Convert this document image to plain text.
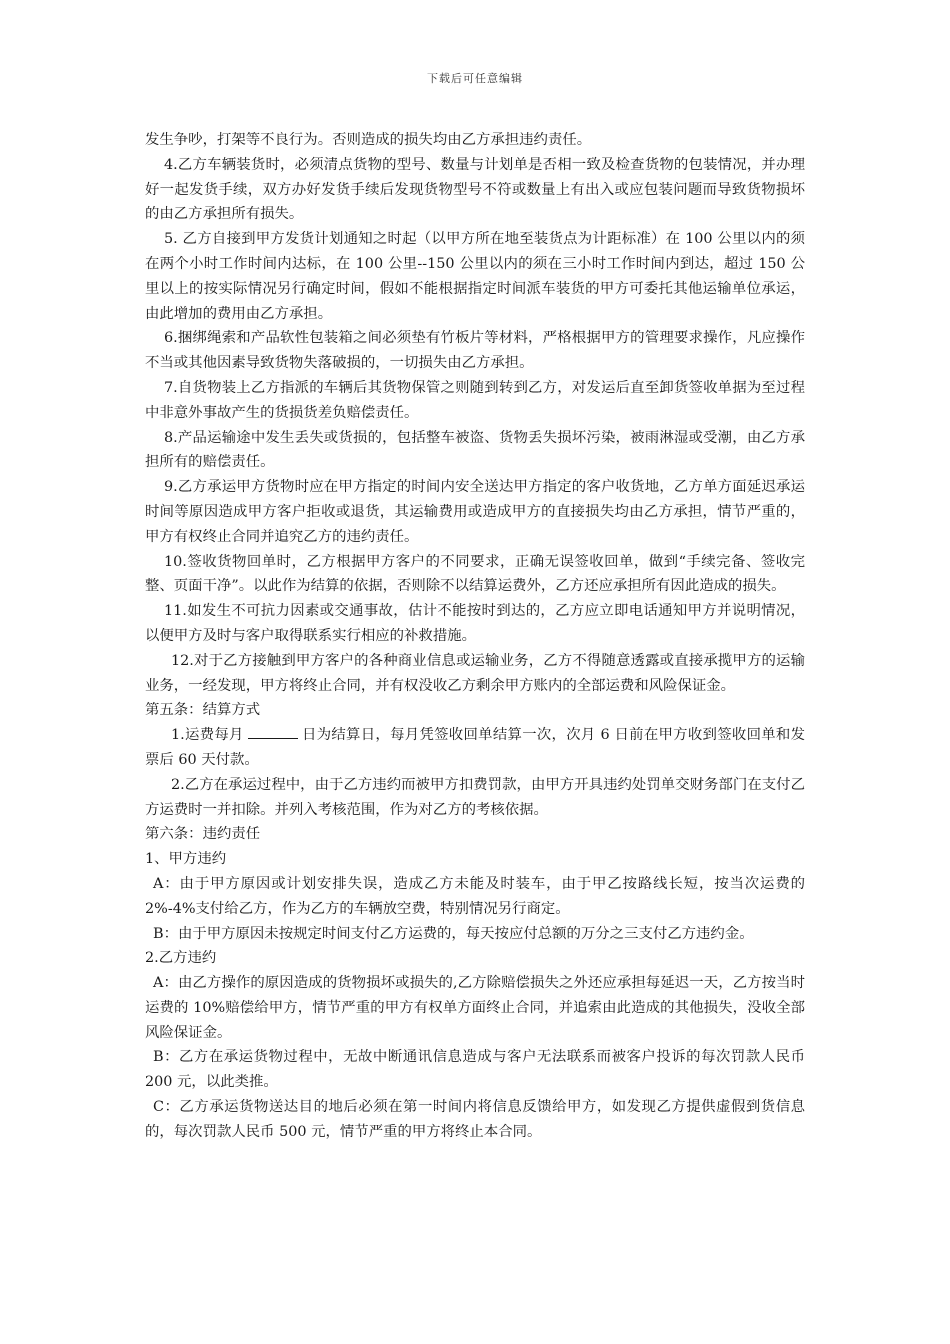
下载后可任意编辑

发生争吵，打架等不良行为。否则造成的损失均由乙方承担违约责任。

4.乙方车辆装货时，必须清点货物的型号、数量与计划单是否相一致及检查货物的包装情况，并办理好一起发货手续，双方办好发货手续后发现货物型号不符或数量上有出入或应包装问题而导致货物损坏的由乙方承担所有损失。

5. 乙方自接到甲方发货计划通知之时起（以甲方所在地至装货点为计距标准）在 100 公里以内的须在两个小时工作时间内达标，在 100 公里--150 公里以内的须在三小时工作时间内到达，超过 150 公里以上的按实际情况另行确定时间，假如不能根据指定时间派车装货的甲方可委托其他运输单位承运，由此增加的费用由乙方承担。

6.捆绑绳索和产品软性包装箱之间必须垫有竹板片等材料，严格根据甲方的管理要求操作，凡应操作不当或其他因素导致货物失落破损的，一切损失由乙方承担。

7.自货物装上乙方指派的车辆后其货物保管之则随到转到乙方，对发运后直至卸货签收单据为至过程中非意外事故产生的货损货差负赔偿责任。

8.产品运输途中发生丢失或货损的，包括整车被盗、货物丢失损坏污染，被雨淋湿或受潮，由乙方承担所有的赔偿责任。

9.乙方承运甲方货物时应在甲方指定的时间内安全送达甲方指定的客户收货地，乙方单方面延迟承运时间等原因造成甲方客户拒收或退货，其运输费用或造成甲方的直接损失均由乙方承担，情节严重的，甲方有权终止合同并追究乙方的违约责任。

10.签收货物回单时，乙方根据甲方客户的不同要求，正确无误签收回单，做到“手续完备、签收完整、页面干净”。以此作为结算的依据，否则除不以结算运费外，乙方还应承担所有因此造成的损失。

11.如发生不可抗力因素或交通事故，估计不能按时到达的，乙方应立即电话通知甲方并说明情况，以便甲方及时与客户取得联系实行相应的补救措施。

12.对于乙方接触到甲方客户的各种商业信息或运输业务，乙方不得随意透露或直接承揽甲方的运输业务，一经发现，甲方将终止合同，并有权没收乙方剩余甲方账内的全部运费和风险保证金。

第五条：结算方式

1.运费每月	日为结算日，每月凭签收回单结算一次，次月 6 日前在甲方收到签收回单和发票后 60 天付款。

2.乙方在承运过程中，由于乙方违约而被甲方扣费罚款，由甲方开具违约处罚单交财务部门在支付乙方运费时一并扣除。并列入考核范围，作为对乙方的考核依据。

第六条：违约责任

1、甲方违约

A：由于甲方原因或计划安排失误，造成乙方未能及时装车，由于甲乙按路线长短，按当次运费的 2%-4%支付给乙方，作为乙方的车辆放空费，特别情况另行商定。

B：由于甲方原因未按规定时间支付乙方运费的，每天按应付总额的万分之三支付乙方违约金。

2.乙方违约

A：由乙方操作的原因造成的货物损坏或损失的,乙方除赔偿损失之外还应承担每延迟一天，乙方按当时运费的 10%赔偿给甲方，情节严重的甲方有权单方面终止合同，并追索由此造成的其他损失，没收全部风险保证金。

B：乙方在承运货物过程中，无故中断通讯信息造成与客户无法联系而被客户投诉的每次罚款人民币 200 元，以此类推。

C：乙方承运货物送达目的地后必须在第一时间内将信息反馈给甲方，如发现乙方提供虚假到货信息的，每次罚款人民币 500 元，情节严重的甲方将终止本合同。
